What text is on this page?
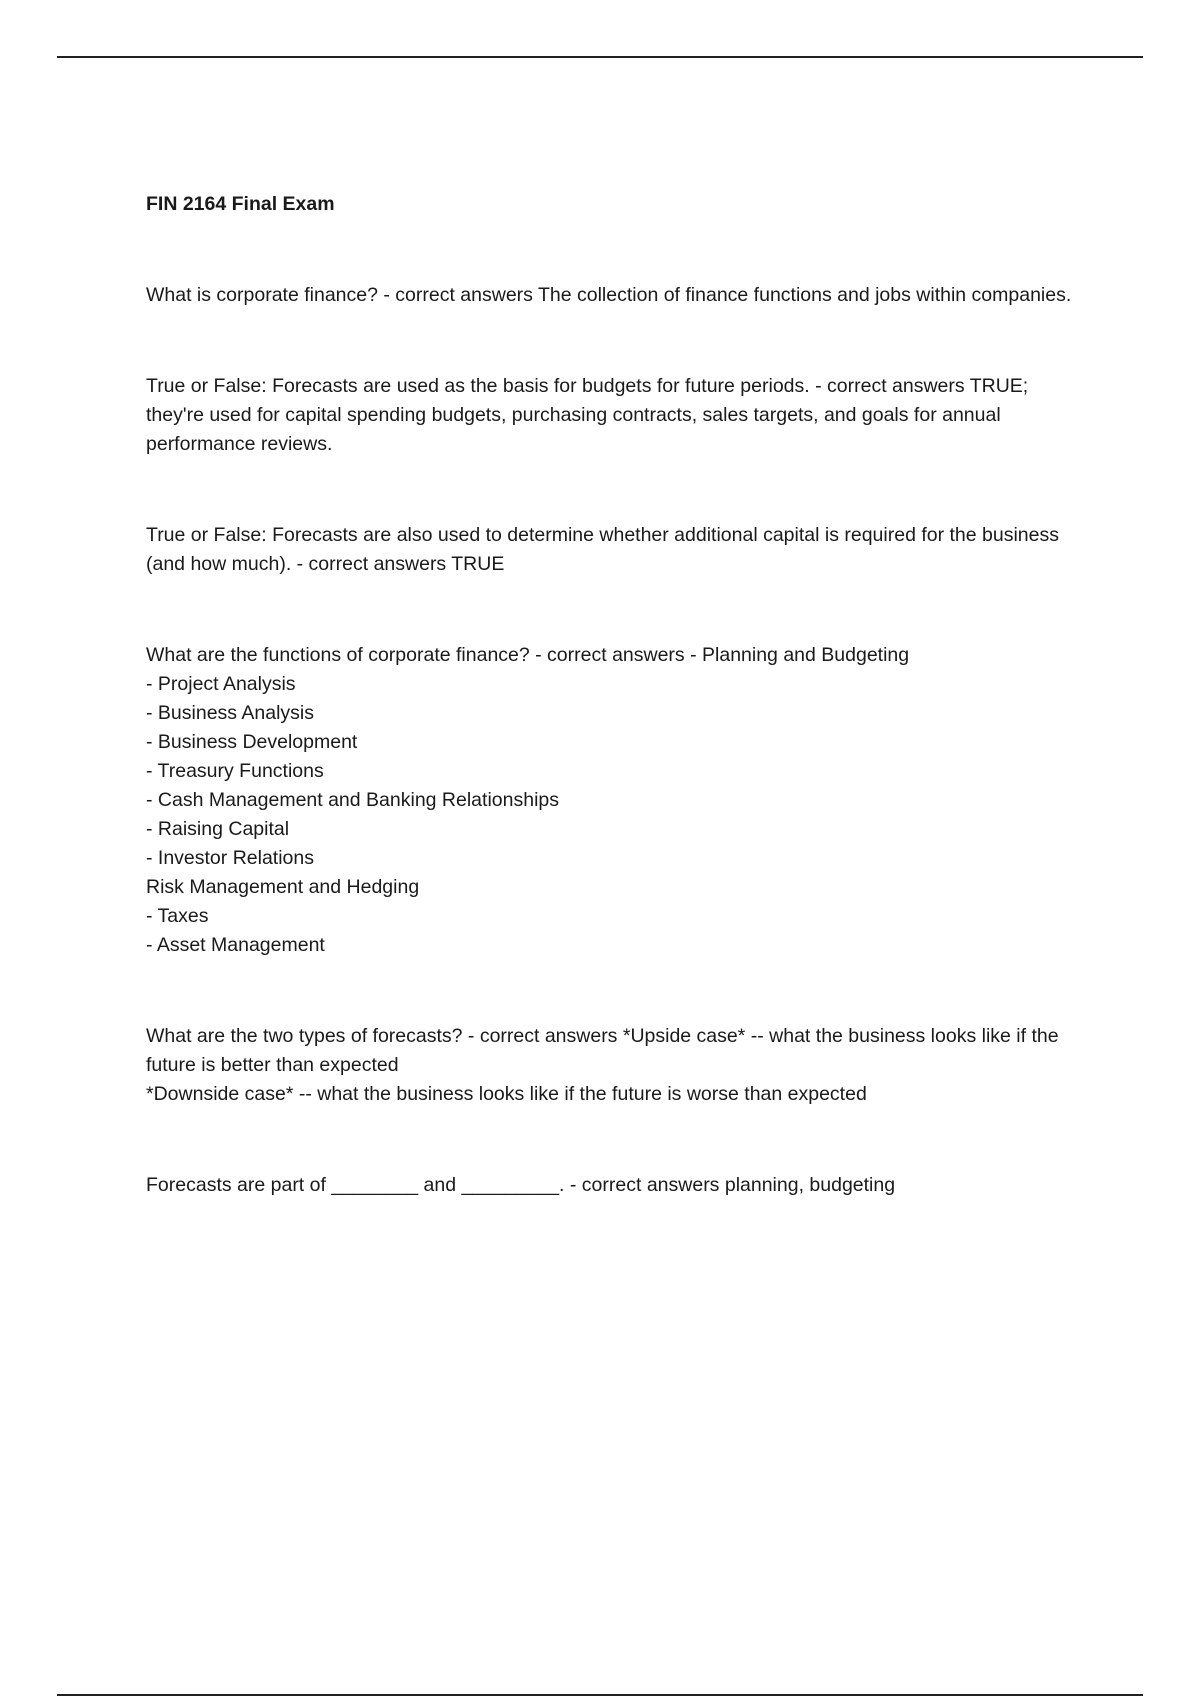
FIN 2164 Final Exam

What is corporate finance? - correct answers The collection of finance functions and jobs within companies.

True or False: Forecasts are used as the basis for budgets for future periods. - correct answers TRUE; they're used for capital spending budgets, purchasing contracts, sales targets, and goals for annual performance reviews.

True or False: Forecasts are also used to determine whether additional capital is required for the business (and how much). - correct answers TRUE

What are the functions of corporate finance? - correct answers - Planning and Budgeting

- Project Analysis

- Business Analysis

- Business Development

- Treasury Functions

- Cash Management and Banking Relationships

- Raising Capital

- Investor Relations

Risk Management and Hedging

- Taxes

- Asset Management

What are the two types of forecasts? - correct answers *Upside case* -- what the business looks like if the future is better than expected

*Downside case* -- what the business looks like if the future is worse than expected

Forecasts are part of ________ and _________. - correct answers planning, budgeting
